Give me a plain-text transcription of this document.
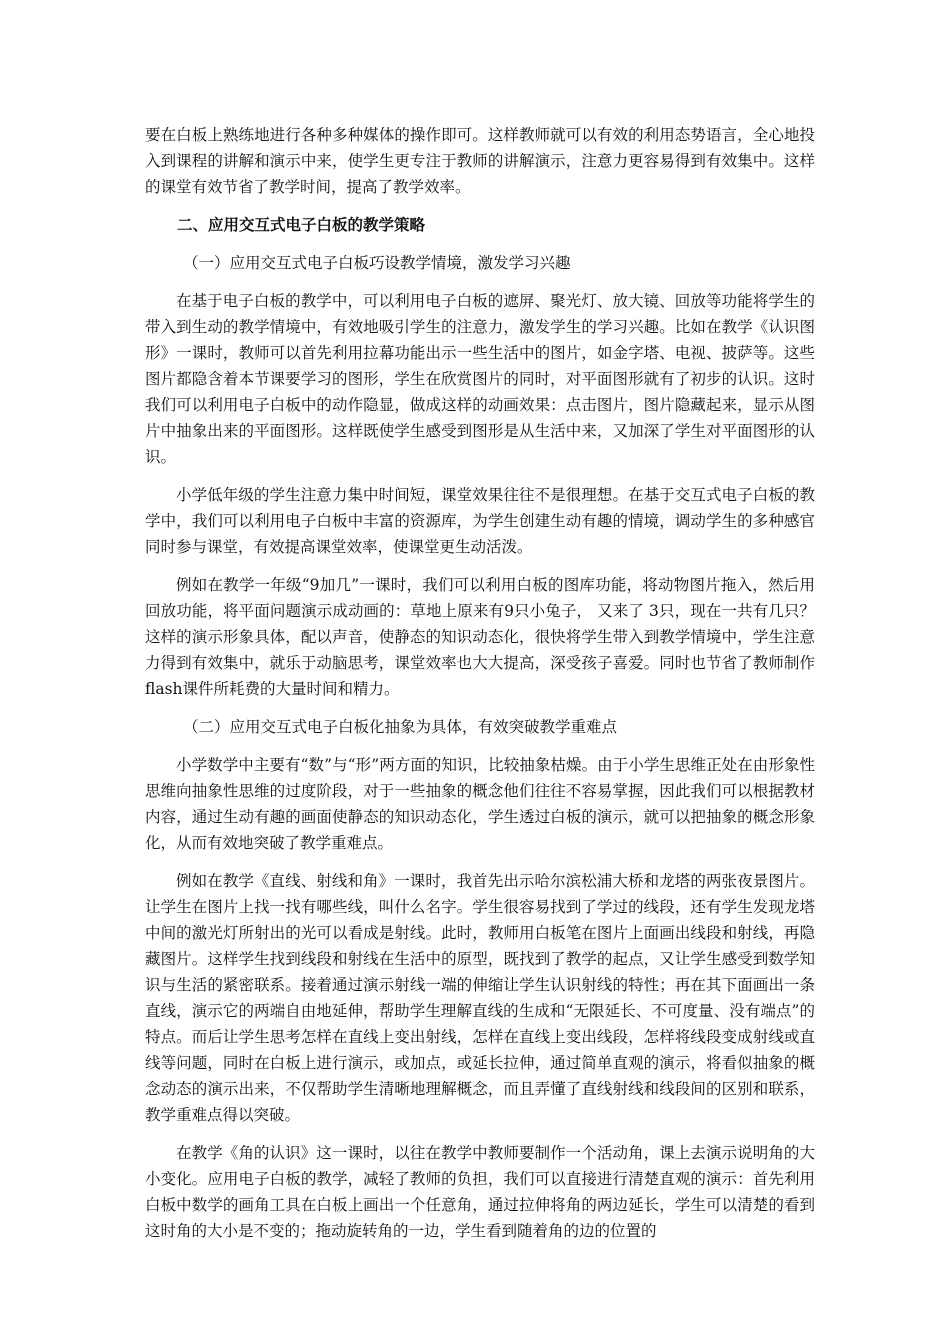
要在白板上熟练地进行各种多种媒体的操作即可。这样教师就可以有效的利用态势语言，全心地投入到课程的讲解和演示中来，使学生更专注于教师的讲解演示，注意力更容易得到有效集中。这样的课堂有效节省了教学时间，提高了教学效率。

二、应用交互式电子白板的教学策略

（一）应用交互式电子白板巧设教学情境，激发学习兴趣

在基于电子白板的教学中，可以利用电子白板的遮屏、聚光灯、放大镜、回放等功能将学生的带入到生动的教学情境中，有效地吸引学生的注意力，激发学生的学习兴趣。比如在教学《认识图形》一课时，教师可以首先利用拉幕功能出示一些生活中的图片，如金字塔、电视、披萨等。这些图片都隐含着本节课要学习的图形，学生在欣赏图片的同时，对平面图形就有了初步的认识。这时我们可以利用电子白板中的动作隐显，做成这样的动画效果：点击图片，图片隐藏起来，显示从图片中抽象出来的平面图形。这样既使学生感受到图形是从生活中来，又加深了学生对平面图形的认识。

小学低年级的学生注意力集中时间短，课堂效果往往不是很理想。在基于交互式电子白板的教学中，我们可以利用电子白板中丰富的资源库，为学生创建生动有趣的情境，调动学生的多种感官同时参与课堂，有效提高课堂效率，使课堂更生动活泼。

例如在教学一年级“9加几”一课时，我们可以利用白板的图库功能，将动物图片拖入，然后用回放功能，将平面问题演示成动画的：草地上原来有9只小兔子， 又来了 3只，现在一共有几只？这样的演示形象具体，配以声音，使静态的知识动态化，很快将学生带入到教学情境中，学生注意力得到有效集中，就乐于动脑思考，课堂效率也大大提高，深受孩子喜爱。同时也节省了教师制作flash课件所耗费的大量时间和精力。

（二）应用交互式电子白板化抽象为具体，有效突破教学重难点

小学数学中主要有“数”与“形”两方面的知识，比较抽象枯燥。由于小学生思维正处在由形象性思维向抽象性思维的过度阶段，对于一些抽象的概念他们往往不容易掌握，因此我们可以根据教材内容，通过生动有趣的画面使静态的知识动态化，学生透过白板的演示，就可以把抽象的概念形象化，从而有效地突破了教学重难点。

例如在教学《直线、射线和角》一课时，我首先出示哈尔滨松浦大桥和龙塔的两张夜景图片。让学生在图片上找一找有哪些线，叫什么名字。学生很容易找到了学过的线段，还有学生发现龙塔中间的激光灯所射出的光可以看成是射线。此时，教师用白板笔在图片上面画出线段和射线，再隐藏图片。这样学生找到线段和射线在生活中的原型，既找到了教学的起点，又让学生感受到数学知识与生活的紧密联系。接着通过演示射线一端的伸缩让学生认识射线的特性；再在其下面画出一条直线，演示它的两端自由地延伸，帮助学生理解直线的生成和“无限延长、不可度量、没有端点”的特点。而后让学生思考怎样在直线上变出射线，怎样在直线上变出线段，怎样将线段变成射线或直线等问题，同时在白板上进行演示，或加点，或延长拉伸，通过简单直观的演示，将看似抽象的概念动态的演示出来，不仅帮助学生清晰地理解概念，而且弄懂了直线射线和线段间的区别和联系，教学重难点得以突破。

在教学《角的认识》这一课时，以往在教学中教师要制作一个活动角，课上去演示说明角的大小变化。应用电子白板的教学，减轻了教师的负担，我们可以直接进行清楚直观的演示：首先利用白板中数学的画角工具在白板上画出一个任意角，通过拉伸将角的两边延长，学生可以清楚的看到这时角的大小是不变的；拖动旋转角的一边，学生看到随着角的边的位置的
